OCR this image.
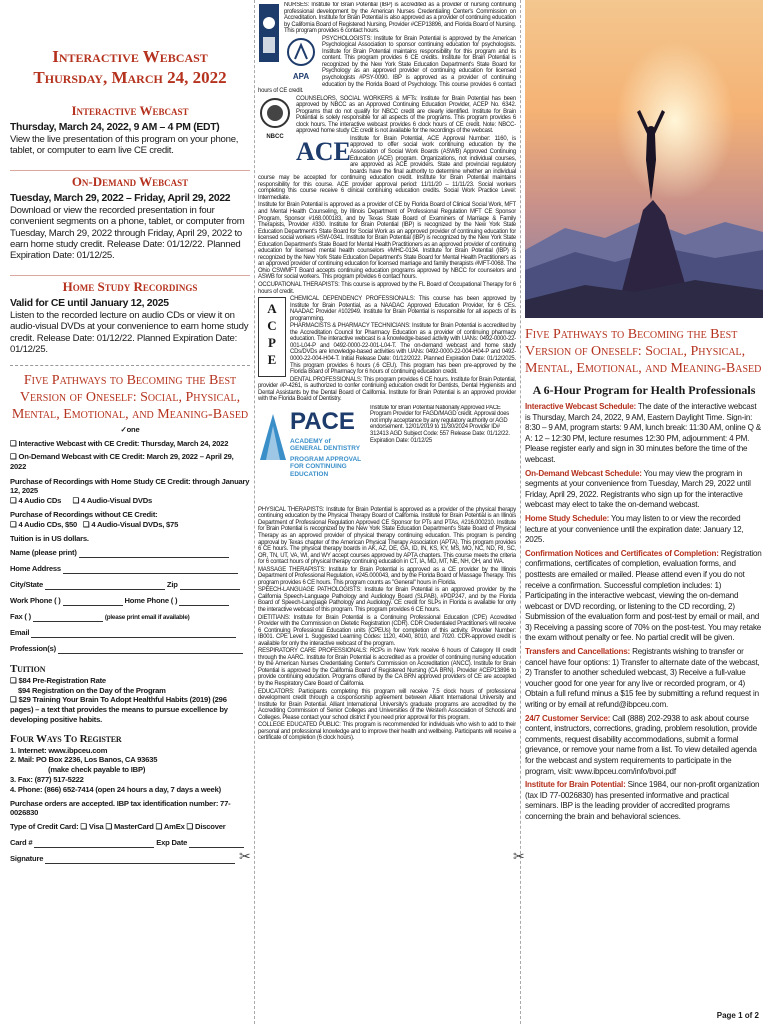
✂	✂

Interactive Webcast

Thursday, March 24, 2022

Interactive Webcast
Thursday, March 24, 2022, 9 AM – 4 PM (EDT)

View the live presentation of this program on your phone, tablet, or computer to earn live CE credit.

On-Demand Webcast
Tuesday, March 29, 2022 – Friday, April 29, 2022

Download or view the recorded presentation in four convenient segments on a phone, tablet, or computer from Tuesday, March 29, 2022 through Friday, April 29, 2022 to earn home study credit. Release Date: 01/12/22. Planned Expiration Date: 01/12/25.

Home Study Recordings
Valid for CE until January 12, 2025

Listen to the recorded lecture on audio CDs or view it on audio-visual DVDs at your convenience to earn home study credit. Release Date: 01/12/22. Planned Expiration Date: 01/12/25.

Five Pathways to Becoming the Best
Version of Oneself: Social, Physical,
Mental, Emotional, and Meaning-Based

✓one

❑ Interactive Webcast with CE Credit: Thursday, March 24, 2022

❑ On-Demand Webcast with CE Credit: March 29, 2022 – April 29, 2022

Purchase of Recordings with Home Study CE Credit: through January 12, 2025

❑ 4 Audio CDs ❑ 4 Audio-Visual DVDs

Purchase of Recordings without CE Credit:

❑ 4 Audio CDs, $50 ❑ 4 Audio-Visual DVDs, $75

Tuition is in US dollars.

Name (please print)

Home Address

City/State	Zip

Work Phone ( )	Home Phone ( )

Fax ( )	(please print email if available)

Email

Profession(s)

Tuition

❑ $84 Pre-Registration Rate

$94 Registration on the Day of the Program

❑ $29 Training Your Brain To Adopt Healthful Habits (2019) (296 pages) – a text that provides the means to pursue excellence by developing positive habits.

Four Ways To Register

1. Internet: www.ibpceu.com

2. Mail: PO Box 2236, Los Banos, CA 93635

(make check payable to IBP)

3. Fax: (877) 517-5222

4. Phone: (866) 652-7414 (open 24 hours a day, 7 days a week)

Purchase orders are accepted. IBP tax identification number: 77-0026830

Type of Credit Card: ❑ Visa ❑ MasterCard ❑ AmEx ❑ Discover

Card #	Exp Date

Signature

NURSES: Institute for Brain Potential (IBP) is accredited as a provider of nursing continuing professional development by the American Nurses Credentialing Center's Commission on Accreditation. Institute for Brain Potential is also approved as a provider of continuing education by California Board of Registered Nursing, Provider #CEP13896, and Florida Board of Nursing. This program provides 6 contact hours.

APA

PSYCHOLOGISTS: Institute for Brain Potential is approved by the American Psychological Association to sponsor continuing education for psychologists. Institute for Brain Potential maintains responsibility for this program and its content. This program provides 6 CE credits. Institute for Brain Potential is recognized by the New York State Education Department's State Board for Psychology as an approved provider of continuing education for licensed psychologists #PSY-0090. IBP is approved as a provider of continuing education by the Florida Board of Psychology. This course provides 6 contact hours of CE credit.

NBCC

COUNSELORS, SOCIAL WORKERS & MFTs: Institute for Brain Potential has been approved by NBCC as an Approved Continuing Education Provider, ACEP No. 6342. Programs that do not qualify for NBCC credit are clearly identified. Institute for Brain Potential is solely responsible for all aspects of the programs. This program provides 6 clock hours. The interactive webcast provides 6 clock hours of CE credit. Note: NBCC-approved home study CE credit is not available for the recordings of the webcast.

ACE Institute for Brain Potential, ACE Approval Number: 1160, is approved to offer social work continuing education by the Association of Social Work Boards (ASWB) Approved Continuing Education (ACE) program. Organizations, not individual courses, are approved as ACE providers. State and provincial regulatory boards have the final authority to determine whether an individual course may be accepted for continuing education credit. Institute for Brain Potential maintains responsibility for this course. ACE provider approval period: 11/11/20 – 11/11/23. Social workers completing this course receive 6 clinical continuing education credits. Social Work Practice Level: Intermediate.

Institute for Brain Potential is approved as a provider of CE by Florida Board of Clinical Social Work, MFT and Mental Health Counseling, by Illinois Department of Professional Regulation MFT CE Sponsor Program, Sponsor #168.000183, and by Texas State Board of Examiners of Marriage & Family Therapists, Provider #330. Institute for Brain Potential (IBP) is recognized by the New York State Education Department's State Board for Social Work as an approved provider of continuing education for licensed social workers #SW-0341. Institute for Brain Potential (IBP) is recognized by the New York State Education Department's State Board for Mental Health Practitioners as an approved provider of continuing education for licensed mental health counselors #MHC-0134. Institute for Brain Potential (IBP) is recognized by the New York State Education Department's State Board for Mental Health Practitioners as an approved provider of continuing education for licensed marriage and family therapists #MFT-0068. The Ohio CSWMFT Board accepts continuing education programs approved by NBCC for counselors and ASWB for social workers. This program provides 6 contact hours.

OCCUPATIONAL THERAPISTS: This course is approved by the FL Board of Occupational Therapy for 6 hours of credit.

ACPE

CHEMICAL DEPENDENCY PROFESSIONALS: This course has been approved by Institute for Brain Potential, as a NAADAC Approved Education Provider, for 6 CEs. NAADAC Provider #102949. Institute for Brain Potential is responsible for all aspects of its programming.

PHARMACISTS & PHARMACY TECHNICIANS: Institute for Brain Potential is accredited by the Accreditation Council for Pharmacy Education as a provider of continuing pharmacy education. The interactive webcast is a knowledge-based activity with UANs: 0492-0000-22-001-L04-P and 0492-0000-22-001-L04-T. The on-demand webcast and home study CDs/DVDs are knowledge-based activities with UANs: 0492-0000-22-004-H04-P and 0492-0000-22-004-H04-T. Initial Release Date: 01/12/2022. Planned Expiration Date: 01/12/2025. This program provides 6 hours (.6 CEU). This program has been pre-approved by the Florida Board of Pharmacy for 6 hours of continuing education credit.

DENTAL PROFESSIONALS: This program provides 6 CE hours. Institute for Brain Potential, provider #P-4261, is authorized to confer continuing education credit for Dentists, Dental Hygienists and Dental Assistants by the Dental Board of California. Institute for Brain Potential is an approved provider with the Florida Board of Dentistry.

PACE
ACADEMY of GENERAL DENTISTRY
PROGRAM APPROVAL FOR CONTINUING EDUCATION

Institute for Brain Potential Nationally Approved PACE Program Provider for FAGD/MAGD credit. Approval does not imply acceptance by any regulatory authority or AGD endorsement. 12/01/2019 to 11/30/2024 Provider ID# 312413 AGD Subject Code: 557 Release Date: 01/12/22. Expiration Date: 01/12/25

PHYSICAL THERAPISTS: Institute for Brain Potential is approved as a provider of the physical therapy continuing education by the Physical Therapy Board of California. Institute for Brain Potential is an Illinois Department of Professional Regulation Approved CE Sponsor for PTs and PTAs, #216.000210. Institute for Brain Potential is recognized by the New York State Education Department's State Board of Physical Therapy as an approved provider of physical therapy continuing education. This program is pending approval by Texas chapter of the American Physical Therapy Association (APTA). This program provides 6 CE hours. The physical therapy boards in AK, AZ, DE, GA, ID, IN, KS, KY, MS, MO, NC, ND, RI, SC, OR, TN, UT, VA, WI, and WY accept courses approved by APTA chapters. This course meets the criteria for 6 contact hours of physical therapy continuing education in CT, IA, MD, MT, NE, NH, OH, and WA.

MASSAGE THERAPISTS: Institute for Brain Potential is approved as a CE provider by the Illinois Department of Professional Regulation, #245.000043, and by the Florida Board of Massage Therapy. This program provides 6 CE hours. This program counts as "General" hours in Florida.

SPEECH-LANGUAGE PATHOLOGISTS: Institute for Brain Potential is an approved provider by the California Speech-Language Pathology and Audiology Board (SLPAB), #PDP247, and by the Florida Board of Speech-Language Pathology and Audiology. CE credit for SLPs in Florida is available for only the interactive webcast of this program. This program provides 6 CE hours.

DIETITIANS: Institute for Brain Potential is a Continuing Professional Education (CPE) Accredited Provider with the Commission on Dietetic Registration (CDR). CDR Credentialed Practitioners will receive 6 Continuing Professional Education units (CPEUs) for completion of this activity. Provider Number: IB001. CPE Level 1. Suggested Learning Codes: 1120, 4040, 8010, and 7020. CDR-approved credit is available for only the interactive webcast of the program.

RESPIRATORY CARE PROFESSIONALS: RCPs in New York receive 6 hours of Category III credit through the AARC. Institute for Brain Potential is accredited as a provider of continuing nursing education by the American Nurses Credentialing Center's Commission on Accreditation (ANCC). Institute for Brain Potential is approved by the California Board of Registered Nursing (CA BRN). Provider #CEP13896 to provide continuing education. Programs offered by the CA BRN approved providers of CE are accepted by the Respiratory Care Board of California.

EDUCATORS: Participants completing this program will receive 7.5 clock hours of professional development credit through a cosponsorship agreement between Alliant International University and Institute for Brain Potential. Alliant International University's graduate programs are accredited by the Accrediting Commission of Senior Colleges and Universities of the Western Association of Schools and Colleges. Please contact your school district if you need prior approval for this program.

COLLEGE EDUCATED PUBLIC: This program is recommended for individuals who wish to add to their personal and professional knowledge and to improve their health and wellbeing. Participants will receive a certificate of completion (6 clock hours).

Five Pathways to Becoming the Best
Version of Oneself: Social, Physical,
Mental, Emotional, and Meaning-Based

A 6-Hour Program for Health Professionals

Interactive Webcast Schedule: The date of the interactive webcast is Thursday, March 24, 2022, 9 AM, Eastern Daylight Time. Sign-in: 8:30 – 9 AM, program starts: 9 AM, lunch break: 11:30 AM, online Q & A: 12 – 12:30 PM, lecture resumes 12:30 PM, adjournment: 4 PM. Please register early and sign in 30 minutes before the time of the webcast.

On-Demand Webcast Schedule: You may view the program in segments at your convenience from Tuesday, March 29, 2022 until Friday, April 29, 2022. Registrants who sign up for the interactive webcast may elect to take the on-demand webcast.

Home Study Schedule: You may listen to or view the recorded lecture at your convenience until the expiration date: January 12, 2025.

Confirmation Notices and Certificates of Completion: Registration confirmations, certificates of completion, evaluation forms, and posttests are emailed or mailed. Please attend even if you do not receive a confirmation. Successful completion includes: 1) Participating in the interactive webcast, viewing the on-demand webcast or DVD recording, or listening to the CD recording, 2) Submission of the evaluation form and post-test by email or mail, and 3) Receiving a passing score of 70% on the post-test. You may retake the exam without penalty or fee. No partial credit will be given.

Transfers and Cancellations: Registrants wishing to transfer or cancel have four options: 1) Transfer to alternate date of the webcast, 2) Transfer to another scheduled webcast, 3) Receive a full-value voucher good for one year for any live or recorded program, or 4) Obtain a full refund minus a $15 fee by submitting a refund request in writing or by email at refund@ibpceu.com.

24/7 Customer Service: Call (888) 202-2938 to ask about course content, instructors, corrections, grading, problem resolution, provide comments, request disability accommodations, submit a formal grievance, or remove your name from a list. To view detailed agenda for the webcast and system requirements to participate in the program, visit: www.ibpceu.com/info/bvoi.pdf

Institute for Brain Potential: Since 1984, our non-profit organization (tax ID 77-0026830) has presented informative and practical seminars. IBP is the leading provider of accredited programs concerning the brain and behavioral sciences.

Page 1 of 2
